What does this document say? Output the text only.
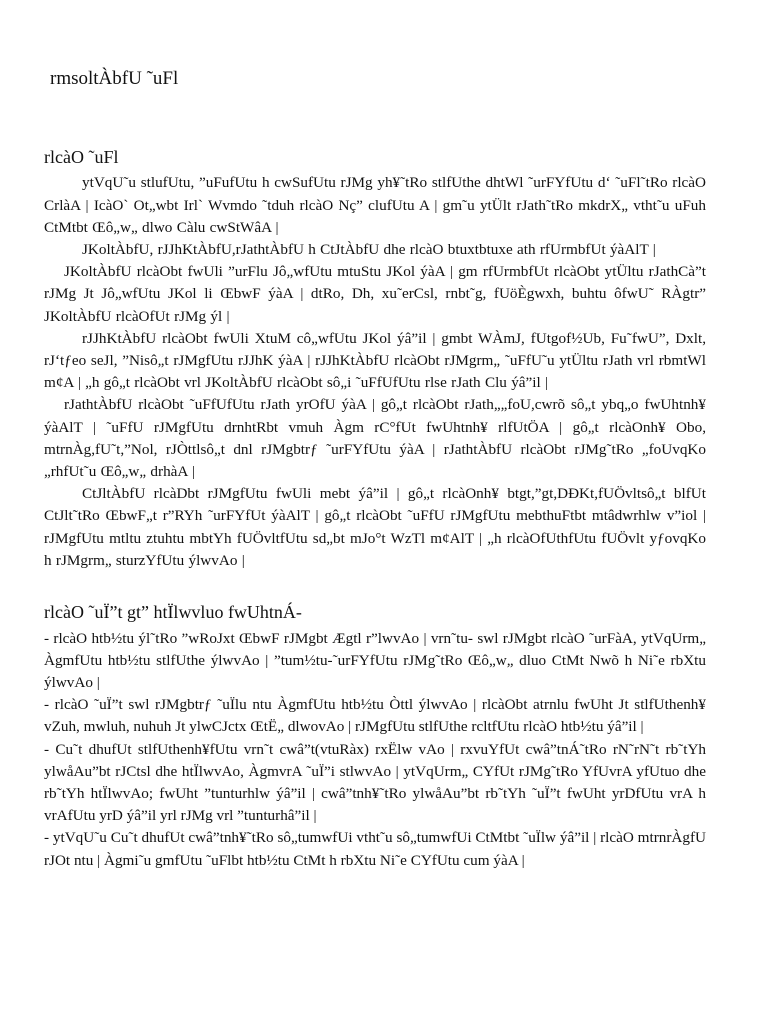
rmsoltÀbfU ˜uFl
rlcàO ˜uFl

ytVqU˜u stlufUtu, ”uFufUtu h cwSufUtu rJMg yh¥˜tRo stlfUthe dhtWl ˜urFYfUtu d‘ ˜uFl˜tRo rlcàO CrlàA | IcàO` Ot„wbt Irl` Wvmdo ˜tduh rlcàO Nç” clufUtu A | gm˜u ytÜlt rJath˜tRo mkdrX„ vtht˜u uFuh CtMtbt Œô„w„ dlwo Càlu cwStWâA |

JKoltÀbfU, rJJhKtÀbfU,rJathtÀbfU h CtJtÀbfU dhe rlcàO btuxtbtuxe ath rfUrmbfUt ýàAlT |

JKoltÀbfU rlcàObt fwUli ”urFlu Jô„wfUtu mtuStu JKol ýàA | gm rfUrmbfUt rlcàObt ytÜltu rJathCà”t rJMg Jt Jô„wfUtu JKol li ŒbwF ýàA | dtRo, Dh, xu˜erCsl, rnbt˜g, fUöÈgwxh, buhtu ôfwU˜ RÀgtr” JKoltÀbfU rlcàOfUt rJMg ýl |

rJJhKtÀbfU rlcàObt fwUli XtuM cô„wfUtu JKol ýâ”il | gmbt WÀmJ, fUtgof½Ub, Fu˜fwU”, Dxlt, rJ‘tƒeo seJl, ”Nisô„t rJMgfUtu rJJhK ýàA | rJJhKtÀbfU rlcàObt rJMgrm„ ˜uFfU˜u ytÜltu rJath vrl rbmtWl m¢A | „h gô„t rlcàObt vrl JKoltÀbfU rlcàObt sô„i ˜uFfUfUtu rlse rJath Clu ýâ”il |

rJathtÀbfU rlcàObt ˜uFfUfUtu rJath yrOfU ýàA | gô„t rlcàObt rJath„„foU,cwrõ sô„t ybq„o fwUhtnh¥ ýàAlT | ˜uFfU rJMgfUtu drnhtRbt vmuh Àgm rC°fUt fwUhtnh¥ rlfUtÖA | gô„t rlcàOnh¥ Obo, mtrnÀg,fU˜t,”Nol, rJÒttlsô„t dnl rJMgbtrƒ ˜urFYfUtu ýàA | rJathtÀbfU rlcàObt rJMg˜tRo „foUvqKo „rhfUt˜u Œô„w„ drhàA |

CtJltÀbfU rlcàDbt rJMgfUtu fwUli mebt ýâ”il | gô„t rlcàOnh¥ btgt,”gt,DÐKt,fUÖvltsô„t blfUt CtJlt˜tRo ŒbwF„t r”RYh ˜urFYfUt ýàAlT | gô„t rlcàObt ˜uFfU rJMgfUtu mebthuFtbt mtâdwrhlw v”iol | rJMgfUtu mtltu ztuhtu mbtYh fUÖvltfUtu sd„bt mJo°t WzTl m¢AlT | „h rlcàOfUthfUtu fUÖvlt yƒovqKo h rJMgrm„ sturzYfUtu ýlwvAo |

rlcàO ˜uÏ”t gt” htÏlwvluo fwUhtnÁ-

- rlcàO htb½tu ýl˜tRo ”wRoJxt ŒbwF rJMgbt Ægtl r”lwvAo | vrn˜tu- swl rJMgbt rlcàO ˜urFàA, ytVqUrm„ ÀgmfUtu htb½tu stlfUthe ýlwvAo | ”tum½tu-˜urFYfUtu rJMg˜tRo Œô„w„ dluo CtMt Nwõ h Ni˜e rbXtu ýlwvAo |

- rlcàO ˜uÏ”t swl rJMgbtrƒ ˜uÏlu ntu ÀgmfUtu htb½tu Òttl ýlwvAo | rlcàObt atrnlu fwUht Jt stlfUthenh¥ vZuh, mwluh, nuhuh Jt ylwCJctx ŒtË„ dlwovAo | rJMgfUtu stlfUthe rcltfUtu rlcàO htb½tu ýâ”il |

- Cu˜t dhufUt stlfUthenh¥fUtu vrn˜t cwâ”t(vtuRàx) rxËlw vAo | rxvuYfUt cwâ”tnÁ˜tRo rN˜rN˜t rb˜tYh ylwåAu”bt rJCtsl dhe htÏlwvAo, ÀgmvrA ˜uÏ”i stlwvAo | ytVqUrm„ CYfUt rJMg˜tRo YfUvrA yfUtuo dhe rb˜tYh htÏlwvAo; fwUht ”tunturhlw ýâ”il | cwâ”tnh¥˜tRo ylwåAu”bt rb˜tYh ˜uÏ”t fwUht yrDfUtu vrA h vrAfUtu yrD ýâ”il yrl rJMg vrl ”tunturhâ”il |

- ytVqU˜u Cu˜t dhufUt cwâ”tnh¥˜tRo sô„tumwfUi vtht˜u sô„tumwfUi CtMtbt ˜uÏlw ýâ”il | rlcàO mtrnrÀgfU rJOt ntu | Àgmi˜u gmfUtu ˜uFlbt htb½tu CtMt h rbXtu Ni˜e CYfUtu cum ýàA |
